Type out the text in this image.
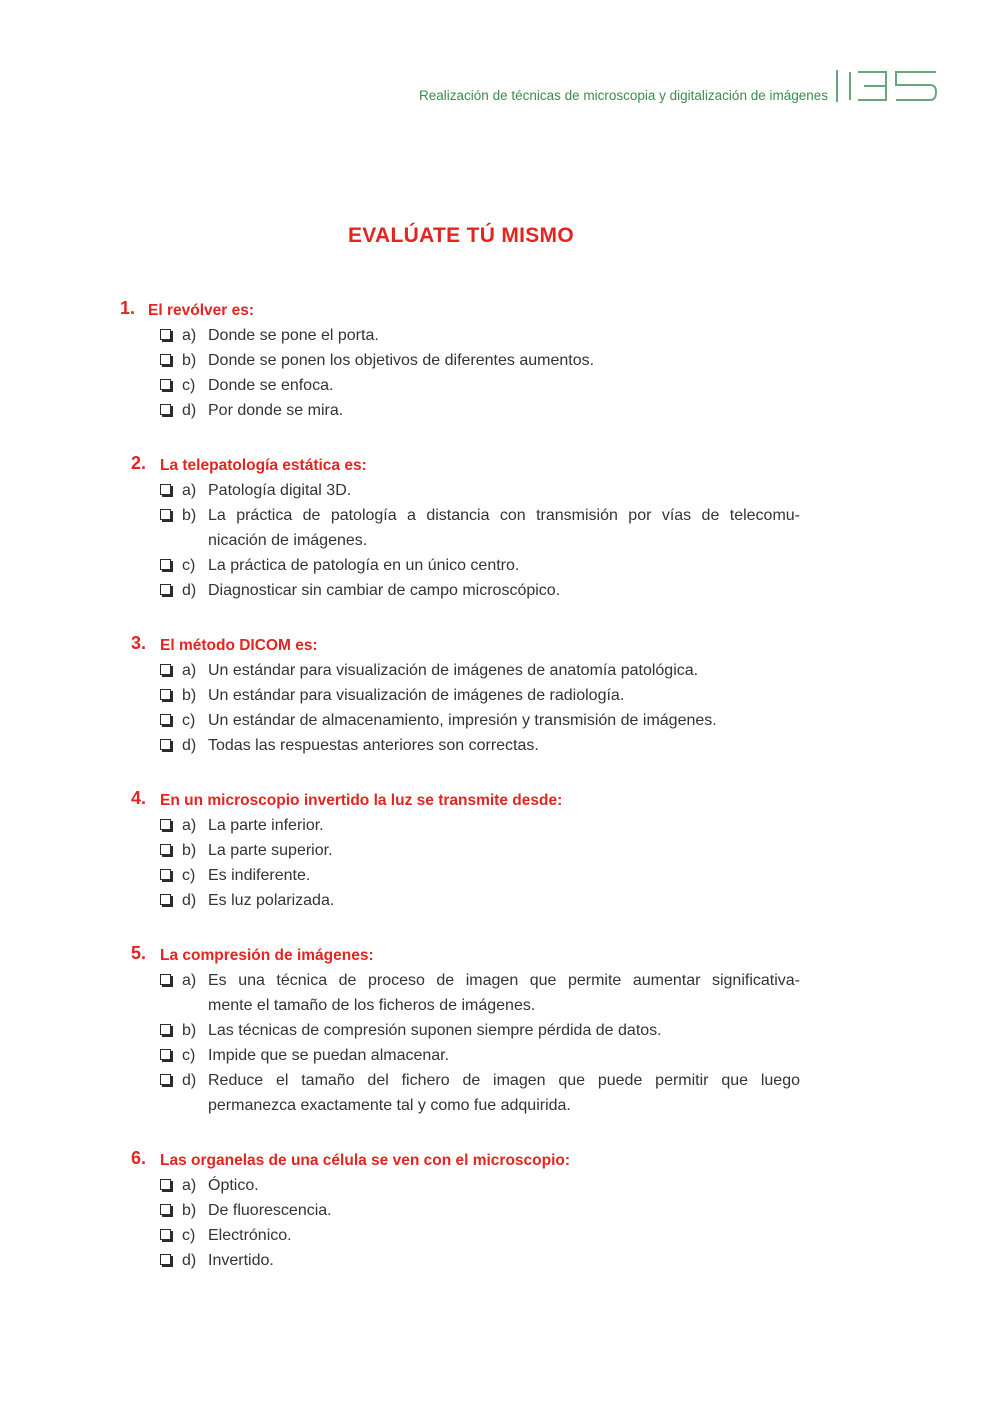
Realización de técnicas de microscopia y digitalización de imágenes
EVALÚATE TÚ MISMO
1. El revólver es:
a) Donde se pone el porta.
b) Donde se ponen los objetivos de diferentes aumentos.
c) Donde se enfoca.
d) Por donde se mira.
2. La telepatología estática es:
a) Patología digital 3D.
b) La práctica de patología a distancia con transmisión por vías de telecomu-
nicación de imágenes.
c) La práctica de patología en un único centro.
d) Diagnosticar sin cambiar de campo microscópico.
3. El método DICOM es:
a) Un estándar para visualización de imágenes de anatomía patológica.
b) Un estándar para visualización de imágenes de radiología.
c) Un estándar de almacenamiento, impresión y transmisión de imágenes.
d) Todas las respuestas anteriores son correctas.
4. En un microscopio invertido la luz se transmite desde:
a) La parte inferior.
b) La parte superior.
c) Es indiferente.
d) Es luz polarizada.
5. La compresión de imágenes:
a) Es una técnica de proceso de imagen que permite aumentar significativa-
mente el tamaño de los ficheros de imágenes.
b) Las técnicas de compresión suponen siempre pérdida de datos.
c) Impide que se puedan almacenar.
d) Reduce el tamaño del fichero de imagen que puede permitir que luego
permanezca exactamente tal y como fue adquirida.
6. Las organelas de una célula se ven con el microscopio:
a) Óptico.
b) De fluorescencia.
c) Electrónico.
d) Invertido.
